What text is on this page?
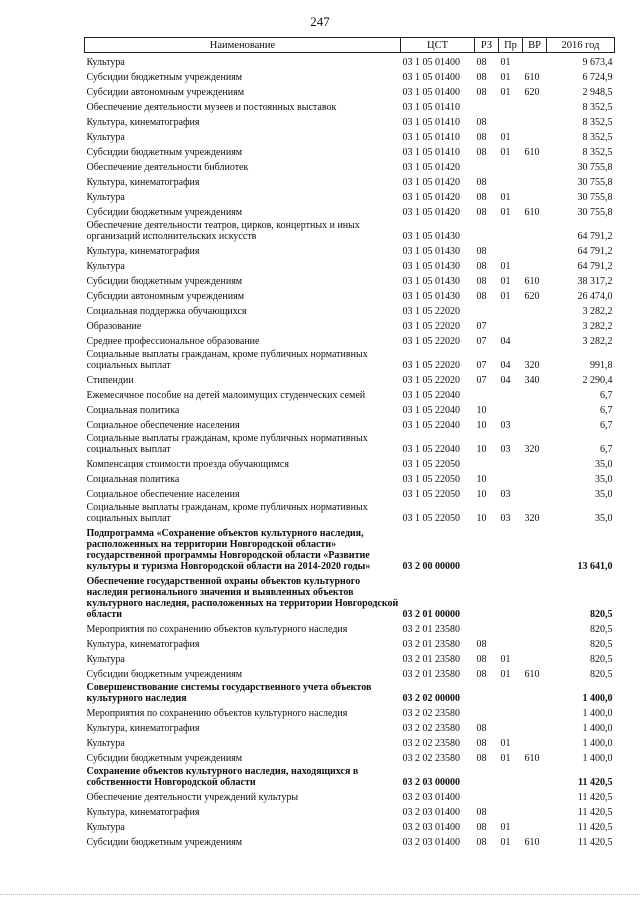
247
Наименование	ЦСТ	РЗ	Пр	ВР	2016 год
Культура	03 1 05 01400	08	01		9 673,4
Субсидии бюджетным учреждениям	03 1 05 01400	08	01	610	6 724,9
Субсидии автономным учреждениям	03 1 05 01400	08	01	620	2 948,5
Обеспечение деятельности музеев и постоянных выставок	03 1 05 01410				8 352,5
Культура, кинематография	03 1 05 01410	08			8 352,5
Культура	03 1 05 01410	08	01		8 352,5
Субсидии бюджетным учреждениям	03 1 05 01410	08	01	610	8 352,5
Обеспечение деятельности библиотек	03 1 05 01420				30 755,8
Культура, кинематография	03 1 05 01420	08			30 755,8
Культура	03 1 05 01420	08	01		30 755,8
Субсидии бюджетным учреждениям	03 1 05 01420	08	01	610	30 755,8
Обеспечение деятельности театров, цирков, концертных и иных организаций исполнительских искусств	03 1 05 01430				64 791,2
Культура, кинематография	03 1 05 01430	08			64 791,2
Культура	03 1 05 01430	08	01		64 791,2
Субсидии бюджетным учреждениям	03 1 05 01430	08	01	610	38 317,2
Субсидии автономным учреждениям	03 1 05 01430	08	01	620	26 474,0
Социальная поддержка обучающихся	03 1 05 22020				3 282,2
Образование	03 1 05 22020	07			3 282,2
Среднее профессиональное образование	03 1 05 22020	07	04		3 282,2
Социальные выплаты гражданам, кроме публичных нормативных социальных выплат	03 1 05 22020	07	04	320	991,8
Стипендии	03 1 05 22020	07	04	340	2 290,4
Ежемесячное пособие на детей малоимущих студенческих семей	03 1 05 22040				6,7
Социальная политика	03 1 05 22040	10			6,7
Социальное обеспечение населения	03 1 05 22040	10	03		6,7
Социальные выплаты гражданам, кроме публичных нормативных социальных выплат	03 1 05 22040	10	03	320	6,7
Компенсация стоимости проезда обучающимся	03 1 05 22050				35,0
Социальная политика	03 1 05 22050	10			35,0
Социальное обеспечение населения	03 1 05 22050	10	03		35,0
Социальные выплаты гражданам, кроме публичных нормативных социальных выплат	03 1 05 22050	10	03	320	35,0
Подпрограмма «Сохранение объектов культурного наследия, расположенных на территории Новгородской области» государственной программы Новгородской области «Развитие культуры и туризма Новгородской области на 2014-2020 годы»	03 2 00 00000				13 641,0
Обеспечение государственной охраны объектов культурного наследия регионального значения и выявленных объектов культурного наследия, расположенных на территории Новгородской области	03 2 01 00000				820,5
Мероприятия по сохранению объектов культурного наследия	03 2 01 23580				820,5
Культура, кинематография	03 2 01 23580	08			820,5
Культура	03 2 01 23580	08	01		820,5
Субсидии бюджетным учреждениям	03 2 01 23580	08	01	610	820,5
Совершенствование системы государственного учета объектов культурного наследия	03 2 02 00000				1 400,0
Мероприятия по сохранению объектов культурного наследия	03 2 02 23580				1 400,0
Культура, кинематография	03 2 02 23580	08			1 400,0
Культура	03 2 02 23580	08	01		1 400,0
Субсидии бюджетным учреждениям	03 2 02 23580	08	01	610	1 400,0
Сохранение объектов культурного наследия, находящихся в собственности Новгородской области	03 2 03 00000				11 420,5
Обеспечение деятельности учреждений культуры	03 2 03 01400				11 420,5
Культура, кинематография	03 2 03 01400	08			11 420,5
Культура	03 2 03 01400	08	01		11 420,5
Субсидии бюджетным учреждениям	03 2 03 01400	08	01	610	11 420,5
